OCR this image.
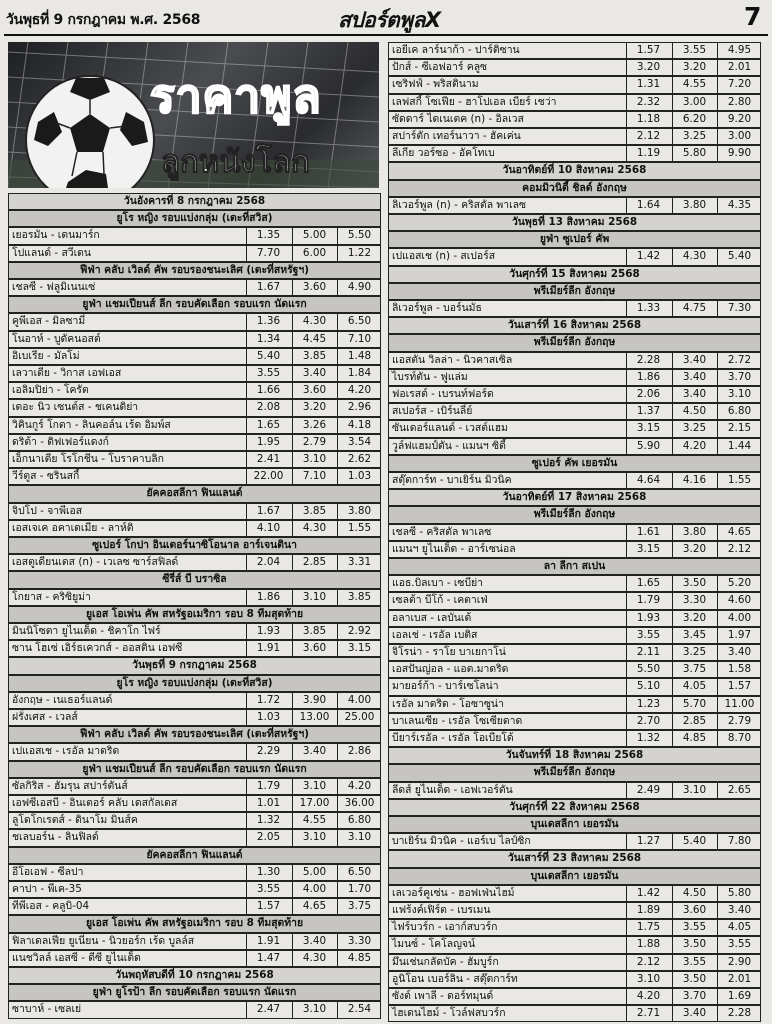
วันพุธที่ 9 กรกฎาคม พ.ศ. 2568	สปอร์ตพูลX	7
ราคาพูล
ลูกหนังโลก
วันอังคารที่ 8 กรกฎาคม 2568
ยูโร หญิง รอบแบ่งกลุ่ม (เตะที่สวิส)
เยอรมัน - เดนมาร์ก	1.35	5.00	5.50
โปแลนด์ - สวีเดน	7.70	6.00	1.22
ฟีฟ่า คลับ เวิลด์ คัพ รอบรองชนะเลิศ (เตะที่สหรัฐฯ)
เชลซี - ฟลูมิเนนเซ่	1.67	3.60	4.90
ยูฟ่า แชมเปียนส์ ลีก รอบคัดเลือก รอบแรก นัดแรก
คูพีเอส - มิลซามี่	1.36	4.30	6.50
โนอาห์ - บูดัคนอสต์	1.34	4.45	7.10
อิเบเรีย - มัลโม่	5.40	3.85	1.48
เลวาเดีย - วิกาส เอฟเอส	3.55	3.40	1.84
เอลิมปิย่า - โครัต	1.66	3.60	4.20
เดอะ นิว เซนต์ส - ชเคนดิย่า	2.08	3.20	2.96
วิคินกูร์ โกตา - ลินคอล์น เร้ด อิมพ์ส	1.65	3.26	4.18
ดริต้า - ดิฟเฟอร์แดงก์	1.95	2.79	3.54
เอ็กนาเตีย โรโกชีน - โบราคาบลิก	2.41	3.10	2.62
วีร์ตูส - ซรินสกี้	22.00	7.10	1.03
ยัคคอสลีกา ฟินแลนด์
จิปโป - จาพีเอส	1.67	3.85	3.80
เอสเจเค อคาเดเมีย - ลาห์ติ	4.10	4.30	1.55
ซูเปอร์ โกปา อินเตอร์นาซิโอนาล อาร์เจนตินา
เอสตูเดียนเตส (n) - เวเลซ ซาร์สฟิลด์	2.04	2.85	3.31
ซีรี่ส์ บี บราซิล
โกยาส - คริซิยูม่า	1.86	3.10	3.85
ยูเอส โอเพ่น คัพ สหรัฐอเมริกา รอบ 8 ทีมสุดท้าย
มินนิโซตา ยูไนเต็ด - ชิคาโก ไฟร์	1.93	3.85	2.92
ซาน โฮเซ่ เอิร์ธเควกส์ - ออสติน เอฟซี	1.91	3.60	3.15
วันพุธที่ 9 กรกฎาคม 2568
ยูโร หญิง รอบแบ่งกลุ่ม (เตะที่สวิส)
อังกฤษ - เนเธอร์แลนด์	1.72	3.90	4.00
ฝรั่งเศส - เวลส์	1.03	13.00	25.00
ฟีฟ่า คลับ เวิลด์ คัพ รอบรองชนะเลิศ (เตะที่สหรัฐฯ)
เปแอสเช - เรอัล มาดริด	2.29	3.40	2.86
ยูฟ่า แชมเปียนส์ ลีก รอบคัดเลือก รอบแรก นัดแรก
ซัลกิริส - ฮัมรุน สปาร์ตันส์	1.79	3.10	4.20
เอฟซีเอสบี - อินเตอร์ คลับ เดสกัลเดส	1.01	17.00	36.00
ลูโดโกเรตส์ - ดินาโม มินส์ค	1.32	4.55	6.80
ชเลบอร์น - ลินฟิลด์	2.05	3.10	3.10
ยัคคอสลีกา ฟินแลนด์
อีโอเอฟ - ซีลปา	1.30	5.00	6.50
คาปา - พีเค-35	3.55	4.00	1.70
ทีพีเอส - คลูบิ-04	1.57	4.65	3.75
ยูเอส โอเพ่น คัพ สหรัฐอเมริกา รอบ 8 ทีมสุดท้าย
ฟิลาเดลเฟีย ยูเนี่ยน - นิวยอร์ก เร้ด บูลล์ส	1.91	3.40	3.30
แนชวิลล์ เอสซี - ดีซี ยูไนเต็ด	1.47	4.30	4.85
วันพฤหัสบดีที่ 10 กรกฎาคม 2568
ยูฟ่า ยูโรป้า ลีก รอบคัดเลือก รอบแรก นัดแรก
ซาบาห์ - เซลเย่	2.47	3.10	2.54
เอยีเค ลาร์นาก้า - ปาร์ติซาน	1.57	3.55	4.95
ปักส์ - ซีเอฟอาร์ คลูซ	3.20	3.20	2.01
เซริฟฟ์ - พริสตินาม	1.31	4.55	7.20
เลฟสกี้ โซเฟีย - ฮาโปเอล เบียร์ เชว่า	2.32	3.00	2.80
ซัดดาร์ ไดเนเตค (n) - อิลเวส	1.18	6.20	9.20
สปาร์ตัก เทอร์นาวา - ฮัคเค่น	2.12	3.25	3.00
ลีเกีย วอร์ซอ - อัคโทเบ	1.19	5.80	9.90
วันอาทิตย์ที่ 10 สิงหาคม 2568
คอมมิวนิตี้ ชิลด์ อังกฤษ
ลิเวอร์พูล (n) - คริสตัล พาเลซ	1.64	3.80	4.35
วันพุธที่ 13 สิงหาคม 2568
ยูฟ่า ซูเปอร์ คัพ
เปแอสเช (n) - สเปอร์ส	1.42	4.30	5.40
วันศุกร์ที่ 15 สิงหาคม 2568
พรีเมียร์ลีก อังกฤษ
ลิเวอร์พูล - บอร์นมัธ	1.33	4.75	7.30
วันเสาร์ที่ 16 สิงหาคม 2568
พรีเมียร์ลีก อังกฤษ
แอสตัน วิลล่า - นิวคาสเซิล	2.28	3.40	2.72
ไบรท์ตัน - ฟูแล่ม	1.86	3.40	3.70
ฟอเรสต์ - เบรนท์ฟอร์ด	2.06	3.40	3.10
สเปอร์ส - เบิร์นลี่ย์	1.37	4.50	6.80
ซันเดอร์แลนด์ - เวสต์แฮม	3.15	3.25	2.15
วูล์ฟแฮมป์ตัน - แมนฯ ซิตี้	5.90	4.20	1.44
ซูเปอร์ คัพ เยอรมัน
สตุ๊ตการ์ท - บาเยิร์น มิวนิค	4.64	4.16	1.55
วันอาทิตย์ที่ 17 สิงหาคม 2568
พรีเมียร์ลีก อังกฤษ
เชลซี - คริสตัล พาเลซ	1.61	3.80	4.65
แมนฯ ยูไนเต็ด - อาร์เซน่อล	3.15	3.20	2.12
ลา ลีกา สเปน
แอธ.บิลเบา - เซบีย่า	1.65	3.50	5.20
เซลต้า บีโก้ - เคตาเฟ่	1.79	3.30	4.60
อลาเบส - เลบันเต้	1.93	3.20	4.00
เอลเช่ - เรอัล เบติส	3.55	3.45	1.97
จิโรน่า - ราโย บาเยกาโน่	2.11	3.25	3.40
เอสปันญ่อล - แอต.มาดริด	5.50	3.75	1.58
มายอร์ก้า - บาร์เซโลน่า	5.10	4.05	1.57
เรอัล มาดริด - โอซาซูน่า	1.23	5.70	11.00
บาเลนเซีย - เรอัล โซเซียดาด	2.70	2.85	2.79
บียาร์เรอัล - เรอัล โอเบียโด้	1.32	4.85	8.70
วันจันทร์ที่ 18 สิงหาคม 2568
พรีเมียร์ลีก อังกฤษ
ลีดส์ ยูไนเต็ด - เอฟเวอร์ตัน	2.49	3.10	2.65
วันศุกร์ที่ 22 สิงหาคม 2568
บุนเดสลีกา เยอรมัน
บาเยิร์น มิวนิค - แอร์เบ ไลป์ซิก	1.27	5.40	7.80
วันเสาร์ที่ 23 สิงหาคม 2568
บุนเดสลีกา เยอรมัน
เลเวอร์คูเซ่น - ฮอฟเฟ่นไฮม์	1.42	4.50	5.80
แฟร้งค์เฟิร์ต - เบรเมน	1.89	3.60	3.40
ไฟร์บวร์ก - เอาก์สบวร์ก	1.75	3.55	4.05
ไมนซ์ - โคโลญจน์	1.88	3.50	3.55
มึนเช่นกลัดบัค - ฮัมบูร์ก	2.12	3.55	2.90
อูนิโอน เบอร์ลิน - สตุ๊ตการ์ท	3.10	3.50	2.01
ซังต์ เพาลี - ดอร์ทมุนด์	4.20	3.70	1.69
ไฮเดนไฮม์ - โวล์ฟสบวร์ก	2.71	3.40	2.28
